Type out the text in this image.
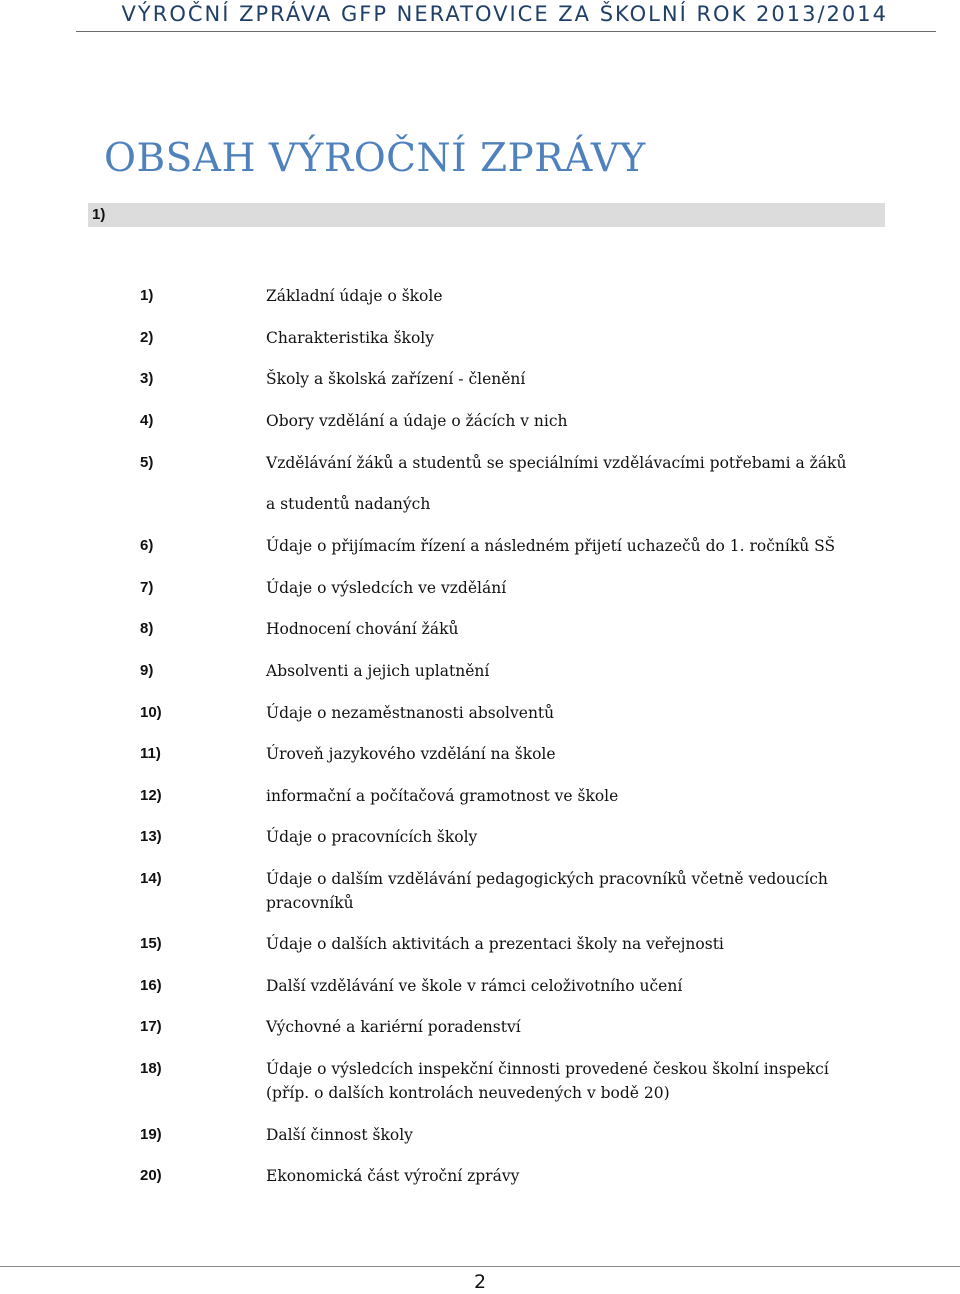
VÝROČNÍ ZPRÁVA GFP NERATOVICE ZA ŠKOLNÍ ROK 2013/2014
OBSAH VÝROČNÍ ZPRÁVY
1)
1)	Základní údaje o škole
2)	Charakteristika školy
3)	Školy a školská zařízení - členění
4)	Obory vzdělání a údaje o žácích v nich
5)	Vzdělávání žáků a studentů se speciálními vzdělávacími potřebami a žáků
a studentů nadaných
6)	Údaje o přijímacím řízení a následném přijetí uchazečů do 1. ročníků SŠ
7)	Údaje o výsledcích ve vzdělání
8)	Hodnocení chování žáků
9)	Absolventi a jejich uplatnění
10)	Údaje o nezaměstnanosti absolventů
11)	Úroveň jazykového vzdělání na škole
12)	informační a počítačová gramotnost ve škole
13)	Údaje o pracovnících školy
14)	Údaje o dalším vzdělávání pedagogických pracovníků včetně vedoucích pracovníků
15)	Údaje o dalších aktivitách a prezentaci školy na veřejnosti
16)	Další vzdělávání ve škole v rámci celoživotního učení
17)	Výchovné a kariérní poradenství
18)	Údaje o výsledcích inspekční činnosti provedené českou školní inspekcí (příp. o dalších kontrolách neuvedených v bodě 20)
19)	Další činnost školy
20)	Ekonomická část výroční zprávy
2
